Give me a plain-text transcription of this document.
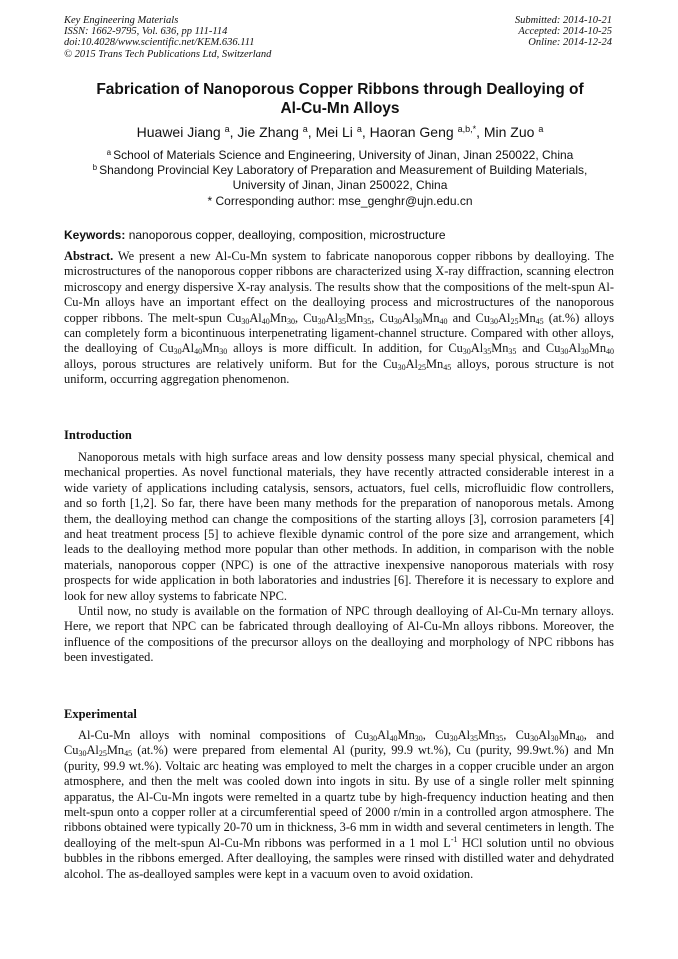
Key Engineering Materials
ISSN: 1662-9795, Vol. 636, pp 111-114
doi:10.4028/www.scientific.net/KEM.636.111
© 2015 Trans Tech Publications Ltd, Switzerland
Submitted: 2014-10-21
Accepted: 2014-10-25
Online: 2014-12-24
Fabrication of Nanoporous Copper Ribbons through Dealloying of
Al-Cu-Mn Alloys
Huawei Jiang $^a$, Jie Zhang $^a$, Mei Li $^a$, Haoran Geng $^{a,b,*}$, Min Zuo $^a$
$^a$ School of Materials Science and Engineering, University of Jinan, Jinan 250022, China
$^b$ Shandong Provincial Key Laboratory of Preparation and Measurement of Building Materials,
University of Jinan, Jinan 250022, China
* Corresponding author: mse_genghr@ujn.edu.cn
Keywords: nanoporous copper, dealloying, composition, microstructure

Abstract. We present a new Al-Cu-Mn system to fabricate nanoporous copper ribbons by dealloying. The microstructures of the nanoporous copper ribbons are characterized using X-ray diffraction, scanning electron microscopy and energy dispersive X-ray analysis. The results show that the compositions of the melt-spun Al-Cu-Mn alloys have an important effect on the dealloying process and microstructures of the nanoporous copper ribbons. The melt-spun $Cu_{30}Al_{40}Mn_{30}$, $Cu_{30}Al_{35}Mn_{35}$, $Cu_{30}Al_{30}Mn_{40}$ and $Cu_{30}Al_{25}Mn_{45}$ (at.%) alloys can completely form a bicontinuous interpenetrating ligament-channel structure. Compared with other alloys, the dealloying of $Cu_{30}Al_{40}Mn_{30}$ alloys is more difficult. In addition, for $Cu_{30}Al_{35}Mn_{35}$ and $Cu_{30}Al_{30}Mn_{40}$ alloys, porous structures are relatively uniform. But for the $Cu_{30}Al_{25}Mn_{45}$ alloys, porous structure is not uniform, occurring aggregation phenomenon.

Introduction

Nanoporous metals with high surface areas and low density possess many special physical, chemical and mechanical properties. As novel functional materials, they have recently attracted considerable interest in a wide variety of applications including catalysis, sensors, actuators, fuel cells, microfluidic flow controllers, and so forth [1,2]. So far, there have been many methods for the preparation of nanoporous metals. Among them, the dealloying method can change the compositions of the starting alloys [3], corrosion parameters [4] and heat treatment process [5] to achieve flexible dynamic control of the pore size and arrangement, which leads to the dealloying method more popular than other methods. In addition, in comparison with the noble materials, nanoporous copper (NPC) is one of the attractive inexpensive nanoporous materials with rosy prospects for wide application in both laboratories and industries [6]. Therefore it is necessary to explore and look for new alloy systems to fabricate NPC.

Until now, no study is available on the formation of NPC through dealloying of Al-Cu-Mn ternary alloys. Here, we report that NPC can be fabricated through dealloying of Al-Cu-Mn alloys ribbons. Moreover, the influence of the compositions of the precursor alloys on the dealloying and morphology of NPC ribbons has been investigated.

Experimental

Al-Cu-Mn alloys with nominal compositions of $Cu_{30}Al_{40}Mn_{30}$, $Cu_{30}Al_{35}Mn_{35}$, $Cu_{30}Al_{30}Mn_{40}$, and $Cu_{30}Al_{25}Mn_{45}$ (at.%) were prepared from elemental Al (purity, 99.9 wt.%), Cu (purity, 99.9wt.%) and Mn (purity, 99.9 wt.%). Voltaic arc heating was employed to melt the charges in a copper crucible under an argon atmosphere, and then the melt was cooled down into ingots in situ. By use of a single roller melt spinning apparatus, the Al-Cu-Mn ingots were remelted in a quartz tube by high-frequency induction heating and then melt-spun onto a copper roller at a circumferential speed of 2000 r/min in a controlled argon atmosphere. The ribbons obtained were typically 20-70 um in thickness, 3-6 mm in width and several centimeters in length. The dealloying of the melt-spun Al-Cu-Mn ribbons was performed in a 1 mol $L^{-1}$ HCl solution until no obvious bubbles in the ribbons emerged. After dealloying, the samples were rinsed with distilled water and dehydrated alcohol. The as-dealloyed samples were kept in a vacuum oven to avoid oxidation.
